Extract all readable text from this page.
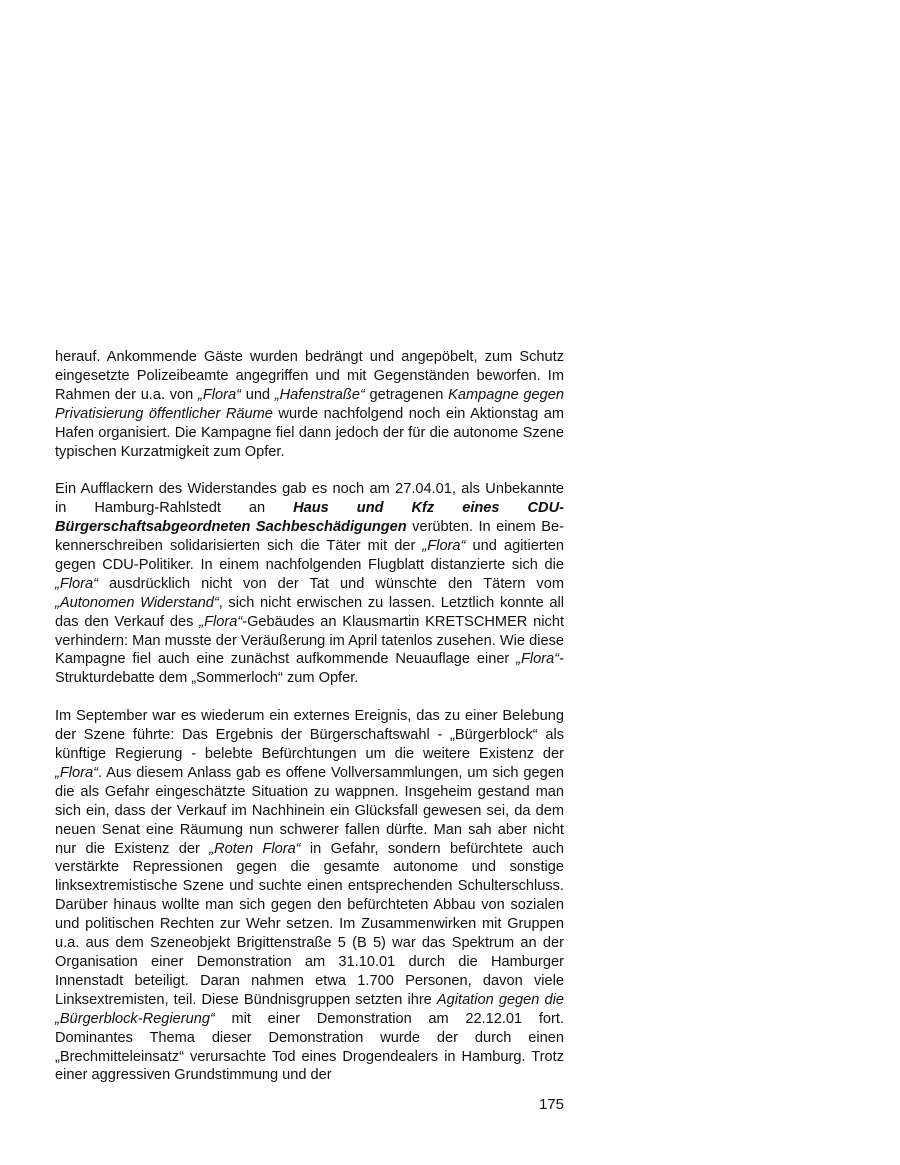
herauf. Ankommende Gäste wurden bedrängt und angepöbelt, zum Schutz eingesetzte Polizeibeamte angegriffen und mit Gegenständen beworfen. Im Rahmen der u.a. von „Flora“ und „Hafenstraße“ getragenen Kampagne gegen Privatisierung öffentlicher Räume wurde nachfolgend noch ein Aktionstag am Hafen organisiert. Die Kampagne fiel dann jedoch der für die autonome Szene typischen Kurzatmigkeit zum Opfer.

Ein Aufflackern des Widerstandes gab es noch am 27.04.01, als Unbekannte in Hamburg-Rahlstedt an Haus und Kfz eines CDU-Bürgerschaftsabgeordneten Sachbeschädigungen verübten. In einem Bekennerschreiben solidarisierten sich die Täter mit der „Flora“ und agitierten gegen CDU-Politiker. In einem nachfolgenden Flugblatt distanzierte sich die „Flora“ ausdrücklich nicht von der Tat und wünschte den Tätern vom „Autonomen Widerstand“, sich nicht erwischen zu lassen. Letztlich konnte all das den Verkauf des „Flora“-Gebäudes an Klausmartin KRETSCHMER nicht verhindern: Man musste der Veräußerung im April tatenlos zusehen. Wie diese Kampagne fiel auch eine zunächst aufkommende Neuauflage einer „Flora“-Strukturdebatte dem „Sommerloch“ zum Opfer.

Im September war es wiederum ein externes Ereignis, das zu einer Belebung der Szene führte: Das Ergebnis der Bürgerschaftswahl - „Bürgerblock“ als künftige Regierung - belebte Befürchtungen um die weitere Existenz der „Flora“. Aus diesem Anlass gab es offene Vollversammlungen, um sich gegen die als Gefahr eingeschätzte Situation zu wappnen. Insgeheim gestand man sich ein, dass der Verkauf im Nachhinein ein Glücksfall gewesen sei, da dem neuen Senat eine Räumung nun schwerer fallen dürfte. Man sah aber nicht nur die Existenz der „Roten Flora“ in Gefahr, sondern befürchtete auch verstärkte Repressionen gegen die gesamte autonome und sonstige linksextremistische Szene und suchte einen entsprechenden Schulterschluss. Darüber hinaus wollte man sich gegen den befürchteten Abbau von sozialen und politischen Rechten zur Wehr setzen. Im Zusammenwirken mit Gruppen u.a. aus dem Szeneobjekt Brigittenstraße 5 (B 5) war das Spektrum an der Organisation einer Demonstration am 31.10.01 durch die Hamburger Innenstadt beteiligt. Daran nahmen etwa 1.700 Personen, davon viele Linksextremisten, teil. Diese Bündnisgruppen setzten ihre Agitation gegen die „Bürgerblock-Regierung“ mit einer Demonstration am 22.12.01 fort. Dominantes Thema dieser Demonstration wurde der durch einen „Brechmitteleinsatz“ verursachte Tod eines Drogendealers in Hamburg. Trotz einer aggressiven Grundstimmung und der

175
